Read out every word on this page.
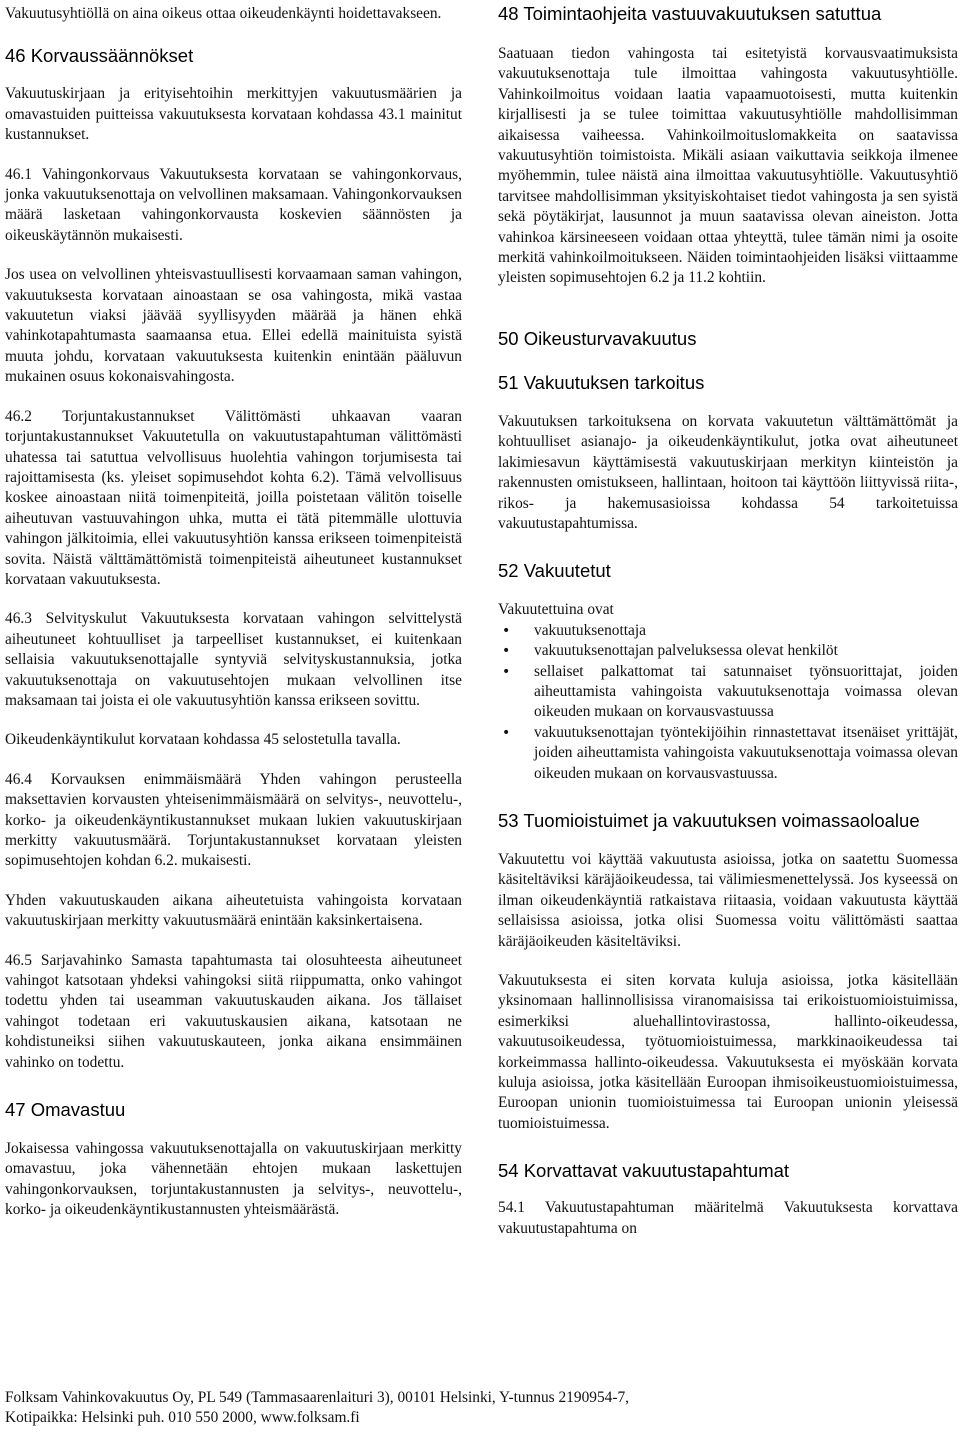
Vakuutusyhtiöllä on aina oikeus ottaa oikeudenkäynti hoidettavakseen.

46 Korvaussäännökset

Vakuutuskirjaan ja erityisehtoihin merkittyjen vakuutusmäärien ja omavastuiden puitteissa vakuutuksesta korvataan kohdassa 43.1 mainitut kustannukset.

46.1 Vahingonkorvaus Vakuutuksesta korvataan se vahingonkorvaus, jonka vakuutuksenottaja on velvollinen maksamaan. Vahingonkorvauksen määrä lasketaan vahingonkorvausta koskevien säännösten ja oikeuskäytännön mukaisesti.

Jos usea on velvollinen yhteisvastuullisesti korvaamaan saman vahingon, vakuutuksesta korvataan ainoastaan se osa vahingosta, mikä vastaa vakuutetun viaksi jäävää syyllisyyden määrää ja hänen ehkä vahinkotapahtumasta saamaansa etua. Ellei edellä mainituista syistä muuta johdu, korvataan vakuutuksesta kuitenkin enintään pääluvun mukainen osuus kokonaisvahingosta.

46.2 Torjuntakustannukset Välittömästi uhkaavan vaaran torjuntakustannukset Vakuutetulla on vakuutustapahtuman välittömästi uhatessa tai satuttua velvollisuus huolehtia vahingon torjumisesta tai rajoittamisesta (ks. yleiset sopimusehdot kohta 6.2). Tämä velvollisuus koskee ainoastaan niitä toimenpiteitä, joilla poistetaan välitön toiselle aiheutuvan vastuuvahingon uhka, mutta ei tätä pitemmälle ulottuvia vahingon jälkitoimia, ellei vakuutusyhtiön kanssa erikseen toimenpiteistä sovita. Näistä välttämättömistä toimenpiteistä aiheutuneet kustannukset korvataan vakuutuksesta.

46.3 Selvityskulut Vakuutuksesta korvataan vahingon selvittelystä aiheutuneet kohtuulliset ja tarpeelliset kustannukset, ei kuitenkaan sellaisia vakuutuksenottajalle syntyviä selvityskustannuksia, jotka vakuutuksenottaja on vakuutusehtojen mukaan velvollinen itse maksamaan tai joista ei ole vakuutusyhtiön kanssa erikseen sovittu.

Oikeudenkäyntikulut korvataan kohdassa 45 selostetulla tavalla.

46.4 Korvauksen enimmäismäärä Yhden vahingon perusteella maksettavien korvausten yhteisenimmäismäärä on selvitys-, neuvottelu-, korko- ja oikeudenkäyntikustannukset mukaan lukien vakuutuskirjaan merkitty vakuutusmäärä. Torjuntakustannukset korvataan yleisten sopimusehtojen kohdan 6.2. mukaisesti.

Yhden vakuutuskauden aikana aiheutetuista vahingoista korvataan vakuutuskirjaan merkitty vakuutusmäärä enintään kaksinkertaisena.

46.5 Sarjavahinko Samasta tapahtumasta tai olosuhteesta aiheutuneet vahingot katsotaan yhdeksi vahingoksi siitä riippumatta, onko vahingot todettu yhden tai useamman vakuutuskauden aikana. Jos tällaiset vahingot todetaan eri vakuutuskausien aikana, katsotaan ne kohdistuneiksi siihen vakuutuskauteen, jonka aikana ensimmäinen vahinko on todettu.

47 Omavastuu

Jokaisessa vahingossa vakuutuksenottajalla on vakuutuskirjaan merkitty omavastuu, joka vähennetään ehtojen mukaan laskettujen vahingonkorvauksen, torjuntakustannusten ja selvitys-, neuvottelu-, korko- ja oikeudenkäyntikustannusten yhteismäärästä.

48 Toimintaohjeita vastuuvakuutuksen satuttua

Saatuaan tiedon vahingosta tai esitetyistä korvausvaatimuksista vakuutuksenottaja tule ilmoittaa vahingosta vakuutusyhtiölle. Vahinkoilmoitus voidaan laatia vapaamuotoisesti, mutta kuitenkin kirjallisesti ja se tulee toimittaa vakuutusyhtiölle mahdollisimman aikaisessa vaiheessa. Vahinkoilmoituslomakkeita on saatavissa vakuutusyhtiön toimistoista. Mikäli asiaan vaikuttavia seikkoja ilmenee myöhemmin, tulee näistä aina ilmoittaa vakuutusyhtiölle. Vakuutusyhtiö tarvitsee mahdollisimman yksityiskohtaiset tiedot vahingosta ja sen syistä sekä pöytäkirjat, lausunnot ja muun saatavissa olevan aineiston. Jotta vahinkoa kärsineeseen voidaan ottaa yhteyttä, tulee tämän nimi ja osoite merkitä vahinkoilmoitukseen. Näiden toimintaohjeiden lisäksi viittaamme yleisten sopimusehtojen 6.2 ja 11.2 kohtiin.

50 Oikeusturvavakuutus
51 Vakuutuksen tarkoitus

Vakuutuksen tarkoituksena on korvata vakuutetun välttämättömät ja kohtuulliset asianajo- ja oikeudenkäyntikulut, jotka ovat aiheutuneet lakimiesavun käyttämisestä vakuutuskirjaan merkityn kiinteistön ja rakennusten omistukseen, hallintaan, hoitoon tai käyttöön liittyvissä riita-, rikos- ja hakemusasioissa kohdassa 54 tarkoitetuissa vakuutustapahtumissa.

52 Vakuutetut

Vakuutettuina ovat

• vakuutuksenottaja
• vakuutuksenottajan palveluksessa olevat henkilöt
• sellaiset palkattomat tai satunnaiset työnsuorittajat, joiden aiheuttamista vahingoista vakuutuksenottaja voimassa olevan oikeuden mukaan on korvausvastuussa
• vakuutuksenottajan työntekijöihin rinnastettavat itsenäiset yrittäjät, joiden aiheuttamista vahingoista vakuutuksenottaja voimassa olevan oikeuden mukaan on korvausvastuussa.
53 Tuomioistuimet ja vakuutuksen voimassaoloalue

Vakuutettu voi käyttää vakuutusta asioissa, jotka on saatettu Suomessa käsiteltäviksi käräjäoikeudessa, tai välimiesmenettelyssä. Jos kyseessä on ilman oikeudenkäyntiä ratkaistava riitaasia, voidaan vakuutusta käyttää sellaisissa asioissa, jotka olisi Suomessa voitu välittömästi saattaa käräjäoikeuden käsiteltäviksi.

Vakuutuksesta ei siten korvata kuluja asioissa, jotka käsitellään yksinomaan hallinnollisissa viranomaisissa tai erikoistuomioistuimissa, esimerkiksi aluehallintovirastossa, hallinto-oikeudessa, vakuutusoikeudessa, työtuomioistuimessa, markkinaoikeudessa tai korkeimmassa hallinto-oikeudessa. Vakuutuksesta ei myöskään korvata kuluja asioissa, jotka käsitellään Euroopan ihmisoikeustuomioistuimessa, Euroopan unionin tuomioistuimessa tai Euroopan unionin yleisessä tuomioistuimessa.

54 Korvattavat vakuutustapahtumat

54.1 Vakuutustapahtuman määritelmä Vakuutuksesta korvattava vakuutustapahtuma on

Folksam Vahinkovakuutus Oy, PL 549 (Tammasaarenlaituri 3), 00101 Helsinki, Y-tunnus 2190954-7,

Kotipaikka: Helsinki puh. 010 550 2000, www.folksam.fi
